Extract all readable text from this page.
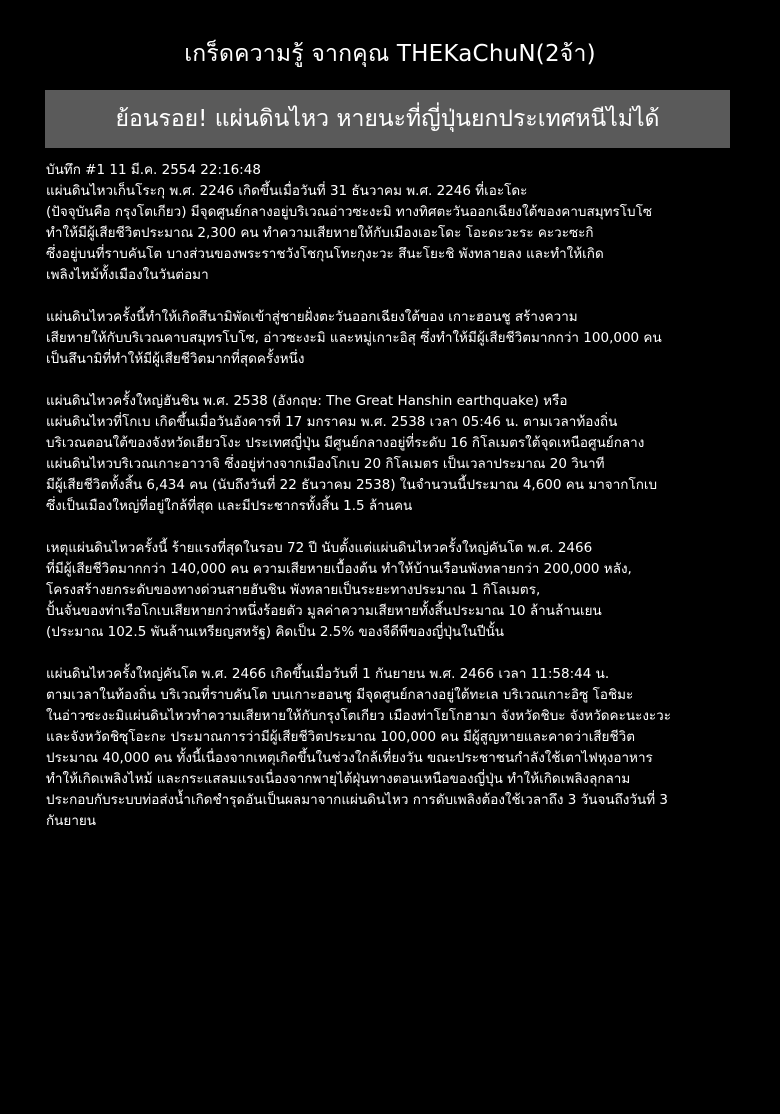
เกร็ดความรู้ จากคุณ THEKaChuN(2จ้า)
ย้อนรอย! แผ่นดินไหว หายนะที่ญี่ปุ่นยกประเทศหนีไม่ได้
บันทึก #1 11 มี.ค. 2554 22:16:48
แผ่นดินไหวเก็นโระกุ พ.ศ. 2246 เกิดขึ้นเมื่อวันที่ 31 ธันวาคม พ.ศ. 2246 ที่เอะโดะ
(ปัจจุบันคือ กรุงโตเกียว) มีจุดศูนย์กลางอยู่บริเวณอ่าวซะงะมิ ทางทิศตะวันออกเฉียงใต้ของคาบสมุทรโบโซ
ทำให้มีผู้เสียชีวิตประมาณ 2,300 คน ทำความเสียหายให้กับเมืองเอะโดะ โอะดะวะระ คะวะซะกิ
ซึ่งอยู่บนที่ราบคันโต บางส่วนของพระราชวังโชกุนโทะกุงะวะ สึนะโยะชิ พังทลายลง และทำให้เกิด
เพลิงไหม้ทั้งเมืองในวันต่อมา
แผ่นดินไหวครั้งนี้ทำให้เกิดสึนามิพัดเข้าสู่ชายฝั่งตะวันออกเฉียงใต้ของ เกาะฮอนชู สร้างความ
เสียหายให้กับบริเวณคาบสมุทรโบโซ, อ่าวซะงะมิ และหมู่เกาะอิสุ ซึ่งทำให้มีผู้เสียชีวิตมากกว่า 100,000 คน
เป็นสึนามิที่ทำให้มีผู้เสียชีวิตมากที่สุดครั้งหนึ่ง
แผ่นดินไหวครั้งใหญ่ฮันชิน พ.ศ. 2538 (อังกฤษ: The Great Hanshin earthquake) หรือ
แผ่นดินไหวที่โกเบ เกิดขึ้นเมื่อวันอังคารที่ 17 มกราคม พ.ศ. 2538 เวลา 05:46 น. ตามเวลาท้องถิ่น
บริเวณตอนใต้ของจังหวัดเฮียวโงะ ประเทศญี่ปุ่น มีศูนย์กลางอยู่ที่ระดับ 16 กิโลเมตรใต้จุดเหนือศูนย์กลาง
แผ่นดินไหวบริเวณเกาะอาวาจิ ซึ่งอยู่ห่างจากเมืองโกเบ 20 กิโลเมตร เป็นเวลาประมาณ 20 วินาที
มีผู้เสียชีวิตทั้งสิ้น 6,434 คน (นับถึงวันที่ 22 ธันวาคม 2538) ในจำนวนนี้ประมาณ 4,600 คน มาจากโกเบ
ซึ่งเป็นเมืองใหญ่ที่อยู่ใกล้ที่สุด และมีประชากรทั้งสิ้น 1.5 ล้านคน
เหตุแผ่นดินไหวครั้งนี้ ร้ายแรงที่สุดในรอบ 72 ปี นับตั้งแต่แผ่นดินไหวครั้งใหญ่คันโต พ.ศ. 2466
ที่มีผู้เสียชีวิตมากกว่า 140,000 คน ความเสียหายเบื้องต้น ทำให้บ้านเรือนพังทลายกว่า 200,000 หลัง,
โครงสร้างยกระดับของทางด่วนสายฮันชิน พังทลายเป็นระยะทางประมาณ 1 กิโลเมตร,
ปั้นจั่นของท่าเรือโกเบเสียหายกว่าหนึ่งร้อยตัว มูลค่าความเสียหายทั้งสิ้นประมาณ 10 ล้านล้านเยน
(ประมาณ 102.5 พันล้านเหรียญสหรัฐ) คิดเป็น 2.5% ของจีดีพีของญี่ปุ่นในปีนั้น
แผ่นดินไหวครั้งใหญ่คันโต พ.ศ. 2466 เกิดขึ้นเมื่อวันที่ 1 กันยายน พ.ศ. 2466 เวลา 11:58:44 น.
ตามเวลาในท้องถิ่น บริเวณที่ราบคันโต บนเกาะฮอนชู มีจุดศูนย์กลางอยู่ใต้ทะเล บริเวณเกาะอิซู โอชิมะ
ในอ่าวซะงะมิแผ่นดินไหวทำความเสียหายให้กับกรุงโตเกียว เมืองท่าโยโกฮามา จังหวัดชิบะ จังหวัดคะนะงะวะ
และจังหวัดชิซุโอะกะ ประมาณการว่ามีผู้เสียชีวิตประมาณ 100,000 คน มีผู้สูญหายและคาดว่าเสียชีวิต
ประมาณ 40,000 คน ทั้งนี้เนื่องจากเหตุเกิดขึ้นในช่วงใกล้เที่ยงวัน ขณะประชาชนกำลังใช้เตาไฟหุงอาหาร
ทำให้เกิดเพลิงไหม้ และกระแสลมแรงเนื่องจากพายุไต้ฝุ่นทางตอนเหนือของญี่ปุ่น ทำให้เกิดเพลิงลุกลาม
ประกอบกับระบบท่อส่งน้ำเกิดชำรุดอันเป็นผลมาจากแผ่นดินไหว การดับเพลิงต้องใช้เวลาถึง 3 วันจนถึงวันที่ 3
กันยายน
